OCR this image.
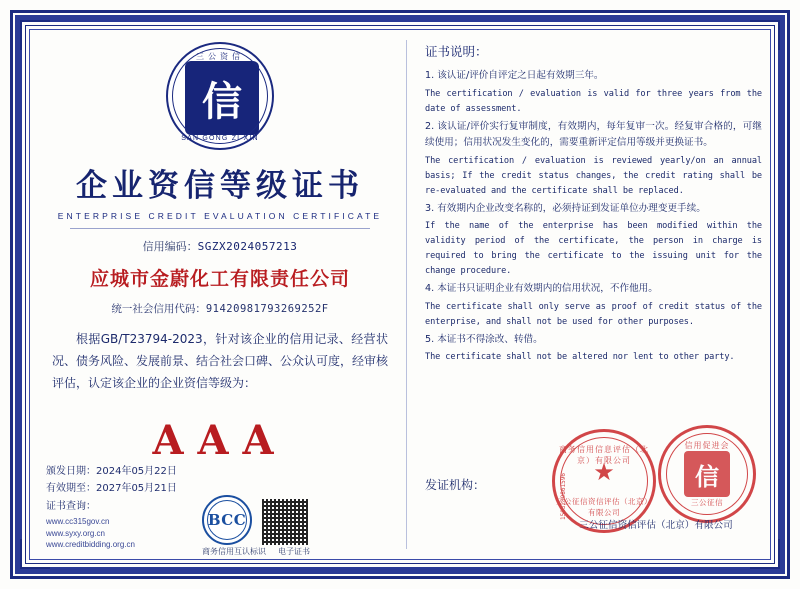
三公资信
★★★
信
SAN GONG ZI XIN
企业资信等级证书
ENTERPRISE CREDIT EVALUATION CERTIFICATE
信用编码：SGZX2024057213
应城市金蔚化工有限责任公司
统一社会信用代码：91420981793269252F
根据GB/T23794-2023，针对该企业的信用记录、经营状况、债务风险、发展前景、结合社会口碑、公众认可度，经审核评估，认定该企业的企业资信等级为：
AAA
颁发日期：2024年05月22日
有效期至：2027年05月21日
证书查询：
www.cc315gov.cn
www.syxy.org.cn
www.creditbidding.org.cn
BCC
商务信用互认标识 电子证书
证书说明：
1. 该认证/评价自评定之日起有效期三年。
The certification / evaluation is valid for three years from the date of assessment.
2. 该认证/评价实行复审制度，有效期内，每年复审一次。经复审合格的，可继续使用；信用状况发生变化的，需要重新评定信用等级并更换证书。
The certification / evaluation is reviewed yearly/on an annual basis; If the credit status changes, the credit rating shall be re-evaluated and the certificate shall be replaced.
3. 有效期内企业改变名称的，必须持证到发证单位办理变更手续。
If the name of the enterprise has been modified within the validity period of the certificate, the person in charge is required to bring the certificate to the issuing unit for the change procedure.
4. 本证书只证明企业有效期内的信用状况，不作他用。
The certificate shall only serve as proof of credit status of the enterprise, and shall not be used for other purposes.
5. 本证书不得涂改、转借。
The certificate shall not be altered nor lent to other party.
发证机构：
商务信用信息评估（北京）有限公司
★
三公征信资信评估（北京）有限公司
1503289861596
信用促进会
信
三公征信
三公征信资信评估（北京）有限公司
